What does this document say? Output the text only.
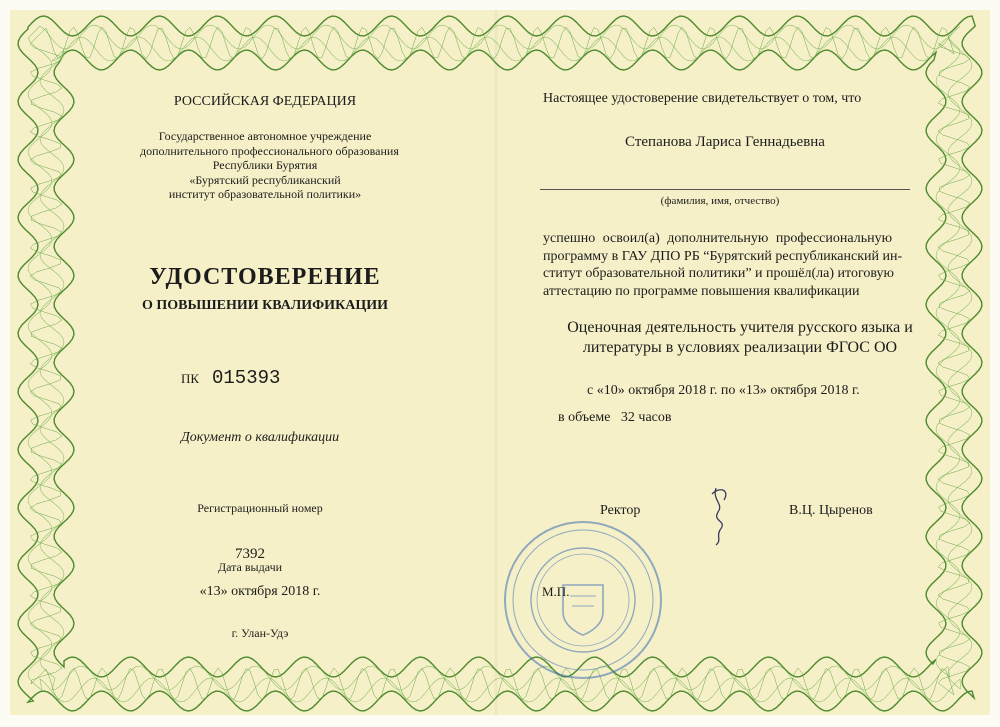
РОССИЙСКАЯ ФЕДЕРАЦИЯ
Государственное автономное учреждение
дополнительного профессионального образования
Республики Бурятия
«Бурятский республиканский
институт образовательной политики»
УДОСТОВЕРЕНИЕ
О ПОВЫШЕНИИ КВАЛИФИКАЦИИ
ПК 015393
Документ о квалификации
Регистрационный номер
7392
Дата выдачи
«13» октября 2018 г.
г. Улан-Удэ
Настоящее удостоверение свидетельствует о том, что
Степанова Лариса Геннадьевна
(фамилия, имя, отчество)
успешно освоил(а) дополнительную профессиональную
программу в ГАУ ДПО РБ “Бурятский республиканский ин-
ститут образовательной политики” и прошёл(ла) итоговую
аттестацию по программе повышения квалификации
Оценочная деятельность учителя русского языка и
литературы в условиях реализации ФГОС ОО
с «10» октября 2018 г. по «13» октября 2018 г.
в объеме   32 часов
Ректор	В.Ц. Цыренов
М.П.
